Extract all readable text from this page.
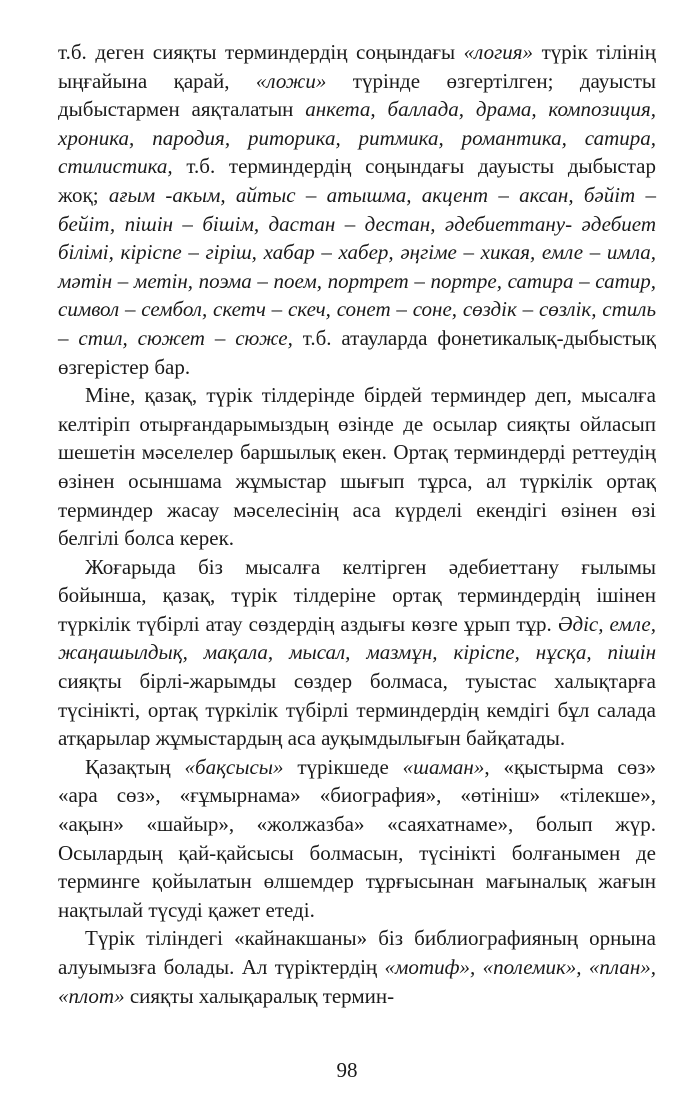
т.б. деген сияқты терминдердің соңындағы «логия» түрік тілінің ыңғайына қарай, «ложи» түрінде өзгертілген; дауысты дыбыстармен аяқталатын анкета, баллада, драма, композиция, хроника, пародия, риторика, ритмика, романтика, сатира, стилистика, т.б. терминдердің соңындағы дауысты дыбыстар жоқ; ағым -акым, айтыс – атышма, акцент – аксан, бәйіт – бейіт, пішін – бішім, дастан – дестан, әдебиеттану- әдебиет білімі, кіріспе – гіріш, хабар – хабер, әңгіме – хикая, емле – имла, мәтін – метін, поэма – поем, портрет – портре, сатира – сатир, символ – сембол, скетч – скеч, сонет – соне, сөздік – сөзлік, стиль – стил, сюжет – сюже, т.б. атауларда фонетикалық-дыбыстық өзгерістер бар.

Міне, қазақ, түрік тілдерінде бірдей терминдер деп, мысалға келтіріп отырғандарымыздың өзінде де осылар сияқты ойласып шешетін мәселелер баршылық екен. Ортақ терминдерді реттеудің өзінен осыншама жұмыстар шығып тұрса, ал түркілік ортақ терминдер жасау мәселесінің аса күрделі екендігі өзінен өзі белгілі болса керек.

Жоғарыда біз мысалға келтірген әдебиеттану ғылымы бойынша, қазақ, түрік тілдеріне ортақ терминдердің ішінен түркілік түбірлі атау сөздердің аздығы көзге ұрып тұр. Әдіс, емле, жаңашылдық, мақала, мысал, мазмұн, кіріспе, нұсқа, пішін сияқты бірлі-жарымды сөздер болмаса, туыстас халықтарға түсінікті, ортақ түркілік түбірлі терминдердің кемдігі бұл салада атқарылар жұмыстардың аса ауқымдылығын байқатады.

Қазақтың «бақсысы» түрікшеде «шаман», «қыстырма сөз» «ара сөз», «ғұмырнама» «биография», «өтініш» «тілекше», «ақын» «шайыр», «жолжазба» «саяхатнаме», болып жүр. Осылардың қай-қайсысы болмасын, түсінікті болғанымен де терминге қойылатын өлшемдер тұрғысынан мағыналық жағын нақтылай түсуді қажет етеді.

Түрік тіліндегі «кайнакшаны» біз библиографияның орнына алуымызға болады. Ал түріктердің «мотиф», «полемик», «план», «плот» сияқты халықаралық термин-

98
